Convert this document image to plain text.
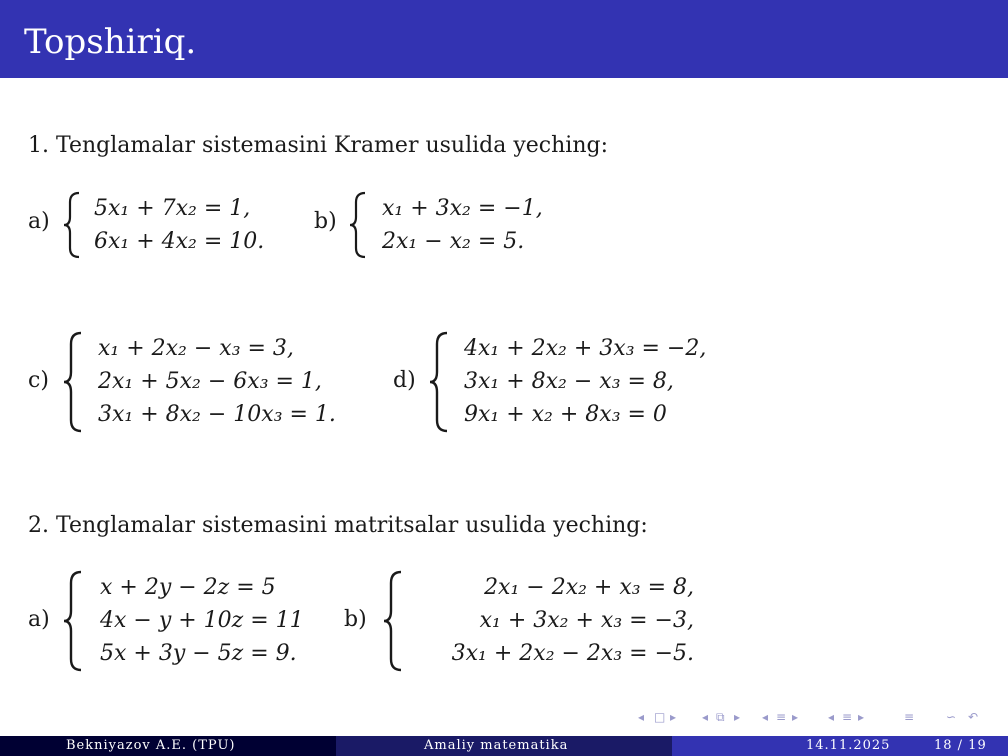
Topshiriq.
1. Tenglamalar sistemasini Kramer usulida yeching:
a)
5x₁ + 7x₂ = 1,
6x₁ + 4x₂ = 10.
b)
x₁ + 3x₂ = −1,
2x₁ − x₂ = 5.
c)
x₁ + 2x₂ − x₃ = 3,
2x₁ + 5x₂ − 6x₃ = 1,
3x₁ + 8x₂ − 10x₃ = 1.
d)
4x₁ + 2x₂ + 3x₃ = −2,
3x₁ + 8x₂ − x₃ = 8,
9x₁ + x₂ + 8x₃ = 0
2. Tenglamalar sistemasini matritsalar usulida yeching:
a)
x + 2y − 2z = 5
4x − y + 10z = 11
5x + 3y − 5z = 9.
b)
2x₁ − 2x₂ + x₃ = 8,
x₁ + 3x₂ + x₃ = −3,
3x₁ + 2x₂ − 2x₃ = −5.
◂ □ ▸ ◂ ⧉ ▸ ◂ ≡ ▸ ◂ ≡ ▸	≡	∽ ↶
Bekniyazov A.E. (TPU)	Amaliy matematika	14.11.2025	18 / 19
